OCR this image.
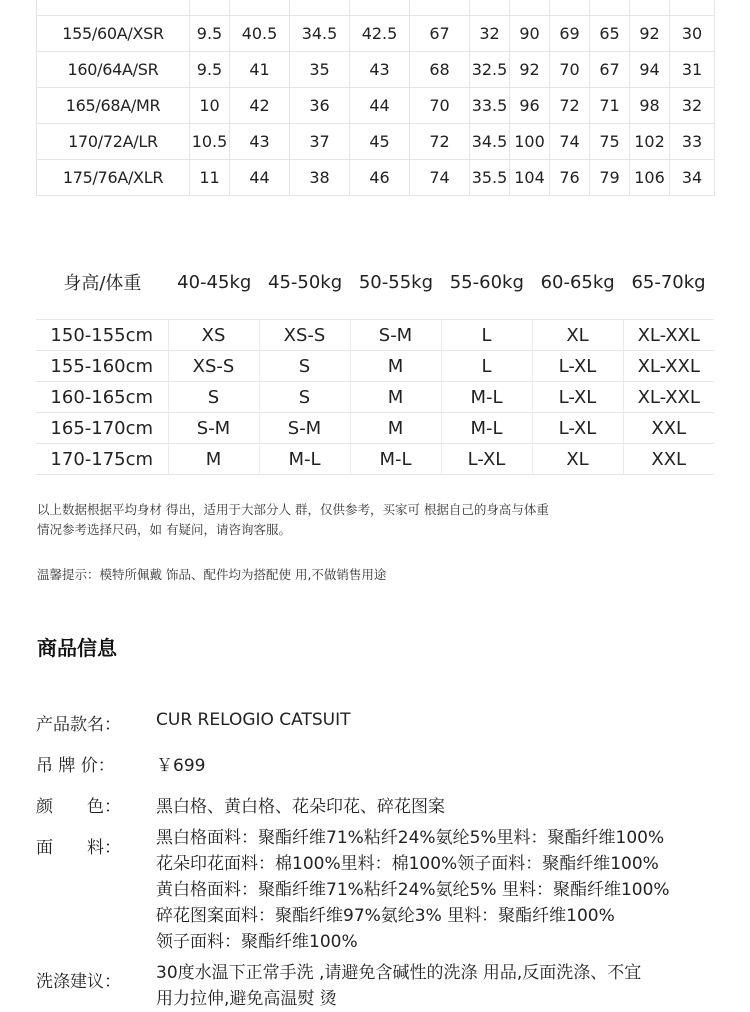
155/60A/XSR	9.5	40.5	34.5	42.5	67	32	90	69	65	92	30
160/64A/SR	9.5	41	35	43	68	32.5	92	70	67	94	31
165/68A/MR	10	42	36	44	70	33.5	96	72	71	98	32
170/72A/LR	10.5	43	37	45	72	34.5	100	74	75	102	33
175/76A/XLR	11	44	38	46	74	35.5	104	76	79	106	34
身高/体重	40-45kg 45-50kg 50-55kg 55-60kg 60-65kg 65-70kg
150-155cm	XS	XS-S	S-M	L	XL	XL-XXL
155-160cm	XS-S	S	M	L	L-XL	XL-XXL
160-165cm	S	S	M	M-L	L-XL	XL-XXL
165-170cm	S-M	S-M	M	M-L	L-XL	XXL
170-175cm	M	M-L	M-L	L-XL	XL	XXL
以上数据根据平均身材 得出，适用于大部分人 群，仅供参考，买家可 根据自己的身高与体重
情况参考选择尺码，如 有疑问，请咨询客服。
温馨提示：模特所佩戴 饰品、配件均为搭配使 用,不做销售用途
商品信息
产品款名：	CUR RELOGIO CATSUIT
吊 牌 价：	￥699
颜　　色：	黑白格、黄白格、花朵印花、碎花图案
面　　料：	黑白格面料：聚酯纤维71%粘纤24%氨纶5%里料：聚酯纤维100%
花朵印花面料：棉100%里料：棉100%领子面料：聚酯纤维100%
黄白格面料：聚酯纤维71%粘纤24%氨纶5% 里料：聚酯纤维100%
碎花图案面料：聚酯纤维97%氨纶3% 里料：聚酯纤维100%
领子面料：聚酯纤维100%
洗涤建议：	30度水温下正常手洗 ,请避免含碱性的洗涤 用品,反面洗涤、不宜
用力拉伸,避免高温熨 烫
